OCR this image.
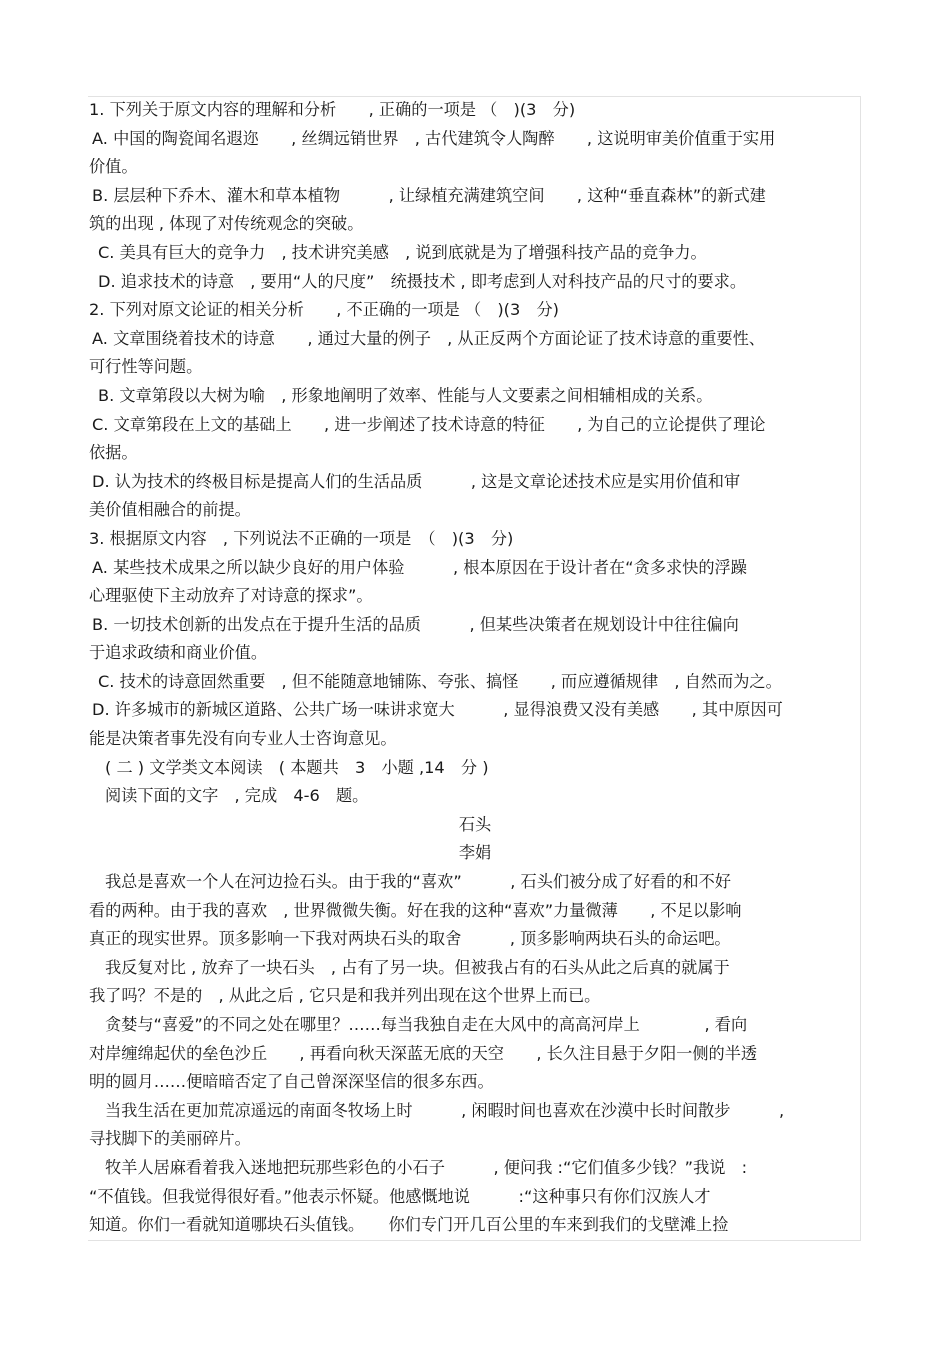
1. 下列关于原文内容的理解和分析　　, 正确的一项是 （　)(3　分)
A. 中国的陶瓷闻名遐迩　　, 丝绸远销世界　, 古代建筑令人陶醉　　, 这说明审美价值重于实用
价值。
B. 层层种下乔木、灌木和草本植物　　　, 让绿植充满建筑空间　　, 这种“垂直森林”的新式建
筑的出现 , 体现了对传统观念的突破。
C. 美具有巨大的竞争力　, 技术讲究美感　, 说到底就是为了增强科技产品的竞争力。
D. 追求技术的诗意　, 要用“人的尺度”　统摄技术 , 即考虑到人对科技产品的尺寸的要求。
2. 下列对原文论证的相关分析　　, 不正确的一项是 （　)(3　分)
A. 文章围绕着技术的诗意　　, 通过大量的例子　, 从正反两个方面论证了技术诗意的重要性、
可行性等问题。
B. 文章第段以大树为喻　, 形象地阐明了效率、性能与人文要素之间相辅相成的关系。
C. 文章第段在上文的基础上　　, 进一步阐述了技术诗意的特征　　, 为自己的立论提供了理论
依据。
D. 认为技术的终极目标是提高人们的生活品质　　　, 这是文章论述技术应是实用价值和审
美价值相融合的前提。
3. 根据原文内容　, 下列说法不正确的一项是　（　)(3　分)
A. 某些技术成果之所以缺少良好的用户体验　　　, 根本原因在于设计者在“贪多求快的浮躁
心理驱使下主动放弃了对诗意的探求”。
B. 一切技术创新的出发点在于提升生活的品质　　　, 但某些决策者在规划设计中往往偏向
于追求政绩和商业价值。
C. 技术的诗意固然重要　, 但不能随意地铺陈、夸张、搞怪　　, 而应遵循规律　, 自然而为之。
D. 许多城市的新城区道路、公共广场一味讲求宽大　　　, 显得浪费又没有美感　　, 其中原因可
能是决策者事先没有向专业人士咨询意见。
( 二 ) 文学类文本阅读　( 本题共　3　小题 ,14　分 )
阅读下面的文字　, 完成　4-6　题。
石头
李娟
我总是喜欢一个人在河边捡石头。由于我的“喜欢”　　　, 石头们被分成了好看的和不好
看的两种。由于我的喜欢　, 世界微微失衡。好在我的这种“喜欢”力量微薄　　, 不足以影响
真正的现实世界。顶多影响一下我对两块石头的取舍　　　, 顶多影响两块石头的命运吧。
我反复对比 , 放弃了一块石头　, 占有了另一块。但被我占有的石头从此之后真的就属于
我了吗？不是的　, 从此之后 , 它只是和我并列出现在这个世界上而已。
贪婪与“喜爱”的不同之处在哪里？……每当我独自走在大风中的高高河岸上　　　　, 看向
对岸缠绵起伏的垒色沙丘　　, 再看向秋天深蓝无底的天空　　, 长久注目悬于夕阳一侧的半透
明的圆月……便暗暗否定了自己曾深深坚信的很多东西。
当我生活在更加荒凉遥远的南面冬牧场上时　　　, 闲暇时间也喜欢在沙漠中长时间散步　　　,
寻找脚下的美丽碎片。
牧羊人居麻看着我入迷地把玩那些彩色的小石子　　　, 便问我 :“它们值多少钱？”我说　:
“不值钱。但我觉得很好看。”他表示怀疑。他感慨地说　　　:“这种事只有你们汉族人才
知道。你们一看就知道哪块石头值钱。　　你们专门开几百公里的车来到我们的戈壁滩上捡
